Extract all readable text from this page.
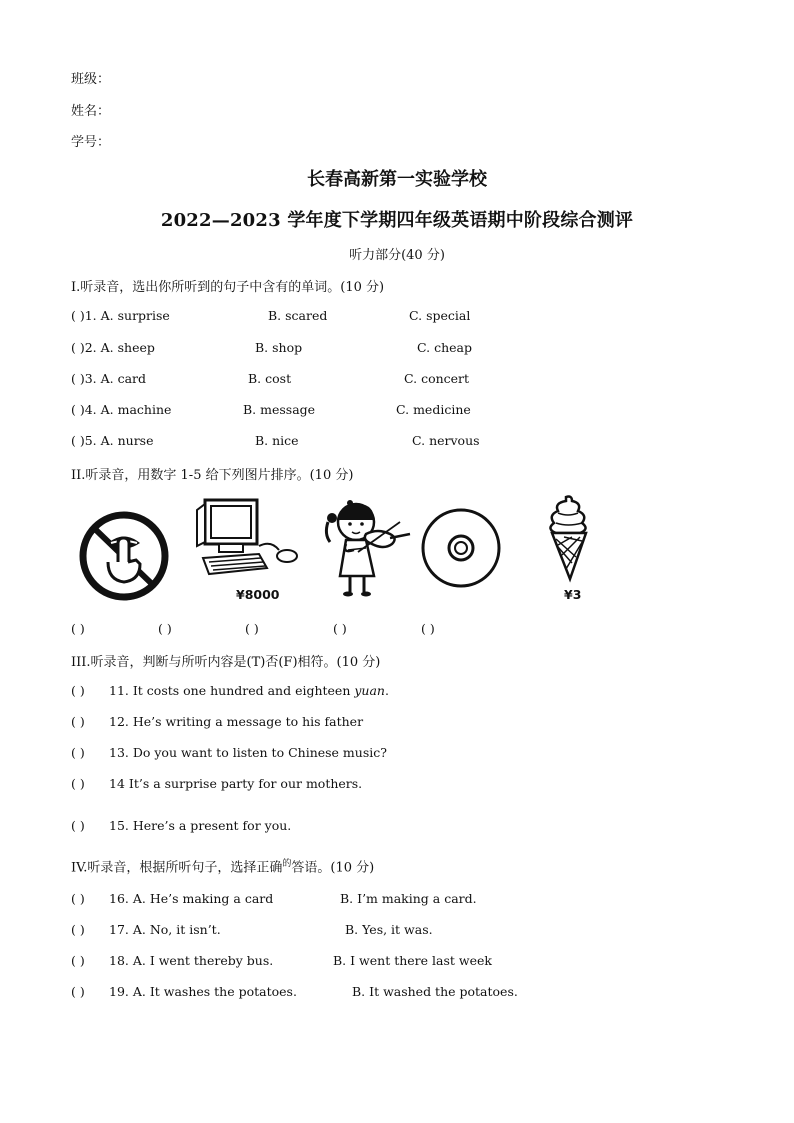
班级：
姓名：
学号：
长春高新第一实验学校
2022—2023 学年度下学期四年级英语期中阶段综合测评
听力部分(40 分)
I.听录音，选出你所听到的句子中含有的单词。(10 分)
( )1. A. surprise	B. scared	C. special
( )2. A. sheep	B. shop	C. cheap
( )3. A. card	B. cost	C. concert
( )4. A. machine	B. message	C. medicine
( )5. A. nurse	B. nice	C. nervous
II.听录音，用数字 1-5 给下列图片排序。(10 分)
¥8000	¥3
( )	( )	( )	( )	( )
III.听录音，判断与所听内容是(T)否(F)相符。(10 分)
( ) 11. It costs one hundred and eighteen yuan.
( ) 12. He’s writing a message to his father
( ) 13. Do you want to listen to Chinese music?
( ) 14 It’s a surprise party for our mothers.
( ) 15. Here’s a present for you.
IV.听录音，根据所听句子，选择正确$^的$答语。(10 分)
( ) 16. A. He’s making a card	B. I’m making a card.
( ) 17. A. No, it isn’t.	B. Yes, it was.
( ) 18. A. I went thereby bus.	B. I went there last week
( ) 19. A. It washes the potatoes.	B. It washed the potatoes.
